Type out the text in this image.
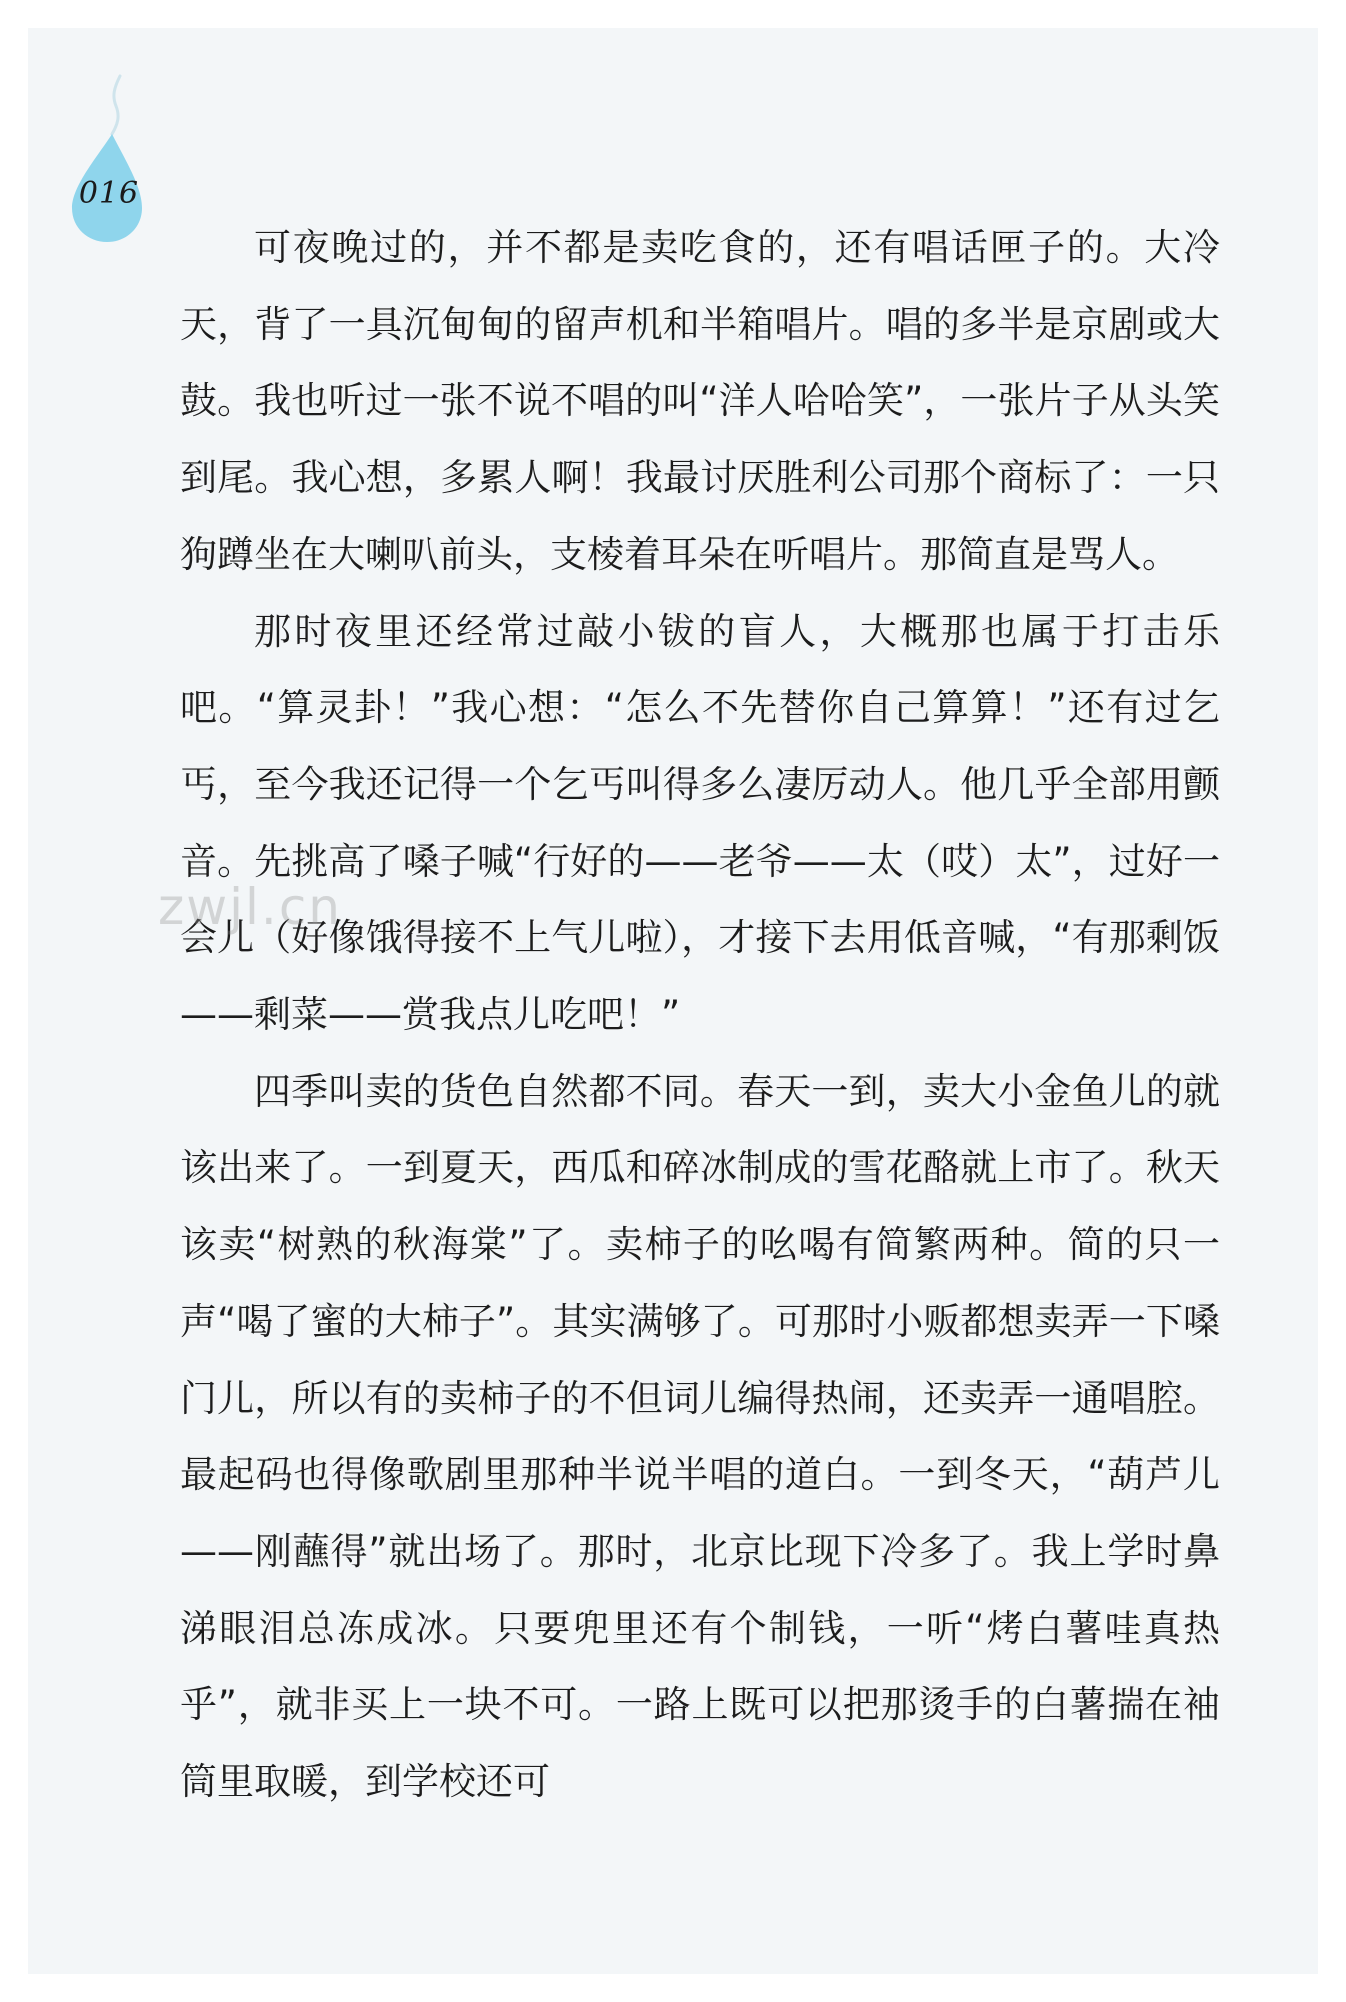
016

可夜晚过的，并不都是卖吃食的，还有唱话匣子的。大冷天，背了一具沉甸甸的留声机和半箱唱片。唱的多半是京剧或大鼓。我也听过一张不说不唱的叫“洋人哈哈笑”，一张片子从头笑到尾。我心想，多累人啊！我最讨厌胜利公司那个商标了：一只狗蹲坐在大喇叭前头，支棱着耳朵在听唱片。那简直是骂人。

那时夜里还经常过敲小钹的盲人，大概那也属于打击乐吧。“算灵卦！”我心想：“怎么不先替你自己算算！”还有过乞丐，至今我还记得一个乞丐叫得多么凄厉动人。他几乎全部用颤音。先挑高了嗓子喊“行好的——老爷——太（哎）太”，过好一会儿（好像饿得接不上气儿啦），才接下去用低音喊，“有那剩饭——剩菜——赏我点儿吃吧！”

四季叫卖的货色自然都不同。春天一到，卖大小金鱼儿的就该出来了。一到夏天，西瓜和碎冰制成的雪花酪就上市了。秋天该卖“树熟的秋海棠”了。卖柿子的吆喝有简繁两种。简的只一声“喝了蜜的大柿子”。其实满够了。可那时小贩都想卖弄一下嗓门儿，所以有的卖柿子的不但词儿编得热闹，还卖弄一通唱腔。最起码也得像歌剧里那种半说半唱的道白。一到冬天，“葫芦儿——刚蘸得”就出场了。那时，北京比现下冷多了。我上学时鼻涕眼泪总冻成冰。只要兜里还有个制钱，一听“烤白薯哇真热乎”，就非买上一块不可。一路上既可以把那烫手的白薯揣在袖筒里取暖，到学校还可

zwjl.cn
